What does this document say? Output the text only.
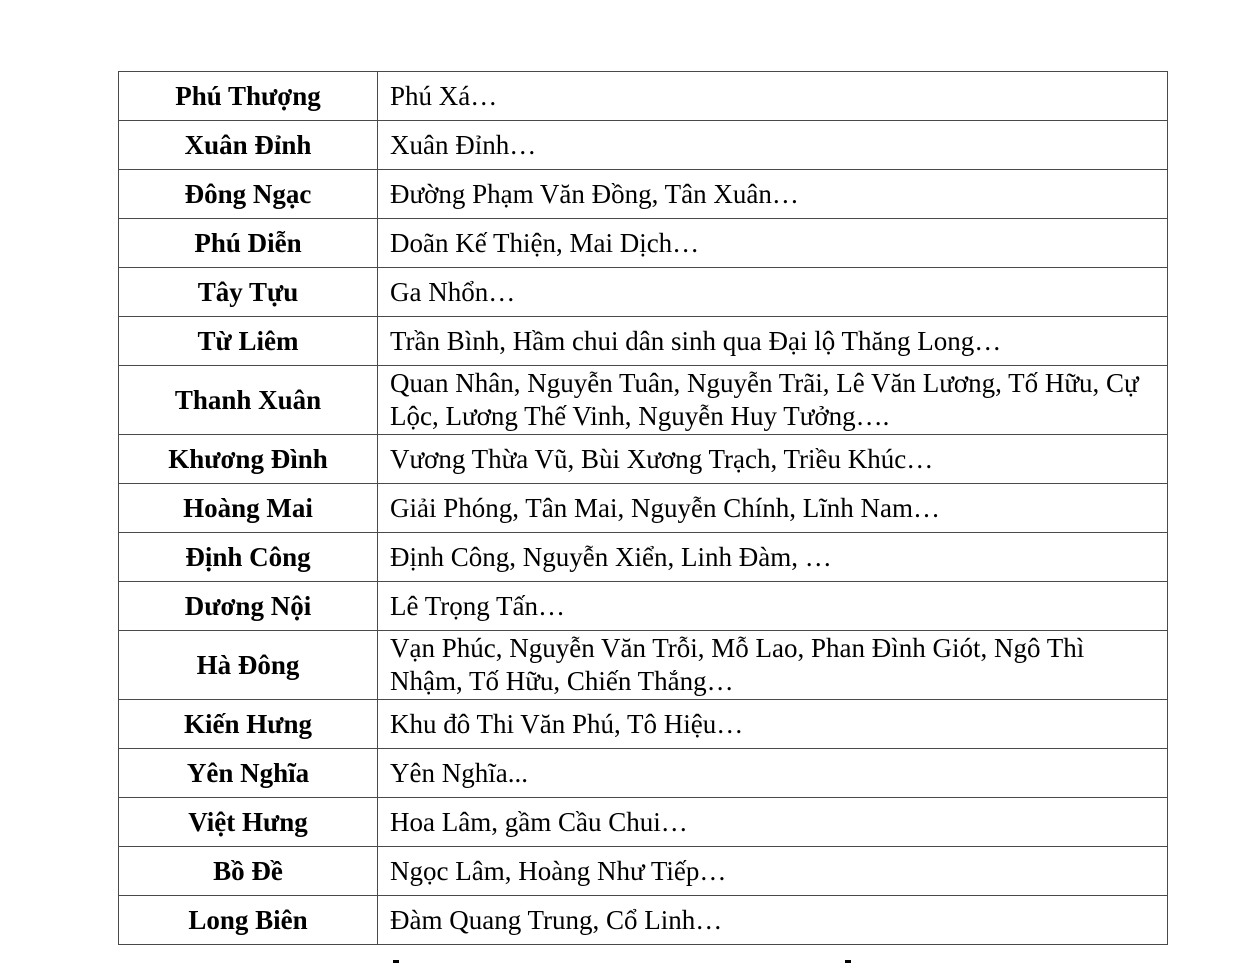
Phú Thượng	Phú Xá…
Xuân Đỉnh	Xuân Đỉnh…
Đông Ngạc	Đường Phạm Văn Đồng, Tân Xuân…
Phú Diễn	Doãn Kế Thiện, Mai Dịch…
Tây Tựu	Ga Nhổn…
Từ Liêm	Trần Bình, Hầm chui dân sinh qua Đại lộ Thăng Long…
Thanh Xuân	Quan Nhân, Nguyễn Tuân, Nguyễn Trãi, Lê Văn Lương, Tố Hữu, Cự Lộc, Lương Thế Vinh, Nguyễn Huy Tưởng….
Khương Đình	Vương Thừa Vũ, Bùi Xương Trạch, Triều Khúc…
Hoàng Mai	Giải Phóng, Tân Mai, Nguyễn Chính, Lĩnh Nam…
Định Công	Định Công, Nguyễn Xiển, Linh Đàm, …
Dương Nội	Lê Trọng Tấn…
Hà Đông	Vạn Phúc, Nguyễn Văn Trỗi, Mỗ Lao, Phan Đình Giót, Ngô Thì Nhậm, Tố Hữu, Chiến Thắng…
Kiến Hưng	Khu đô Thi Văn Phú, Tô Hiệu…
Yên Nghĩa	Yên Nghĩa...
Việt Hưng	Hoa Lâm, gầm Cầu Chui…
Bồ Đề	Ngọc Lâm, Hoàng Như Tiếp…
Long Biên	Đàm Quang Trung, Cổ Linh…
